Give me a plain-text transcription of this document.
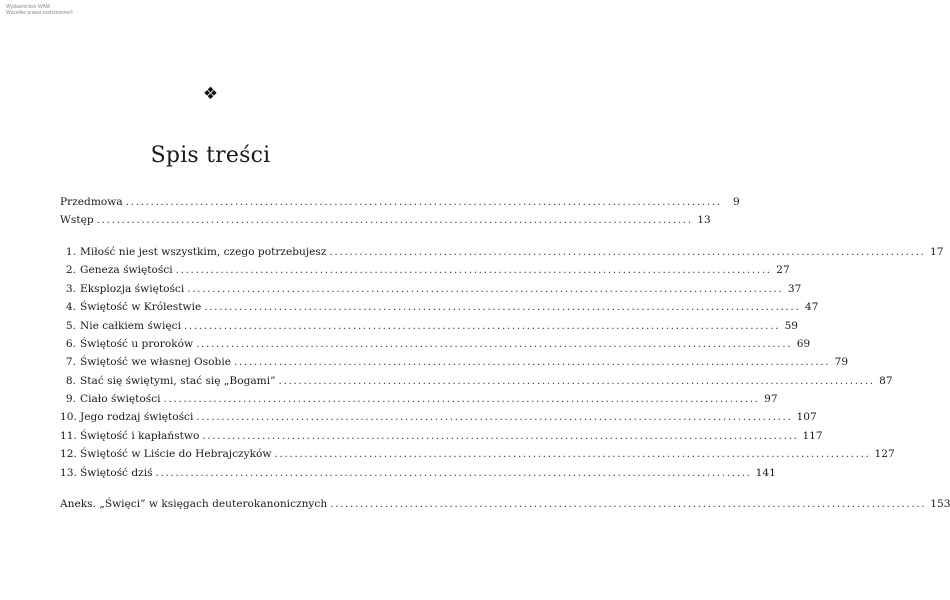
Wydawnictwo WAM
Wszelkie prawa zastrzeżone©
❖
Spis treści
Przedmowa ........................................................................................................................	9
Wstęp ........................................................................................................................ 13
1. Miłość nie jest wszystkim, czego potrzebujesz ........................................................................................................................ 17
2. Geneza świętości ........................................................................................................................ 27
3. Eksplozja świętości ........................................................................................................................ 37
4. Świętość w Królestwie ........................................................................................................................ 47
5. Nie całkiem święci ........................................................................................................................ 59
6. Świętość u proroków ........................................................................................................................ 69
7. Świętość we własnej Osobie ........................................................................................................................ 79
8. Stać się świętymi, stać się „Bogami” ........................................................................................................................ 87
9. Ciało świętości ........................................................................................................................ 97
10. Jego rodzaj świętości ........................................................................................................................ 107
11. Świętość i kapłaństwo ........................................................................................................................ 117
12. Świętość w Liście do Hebrajczyków ........................................................................................................................ 127
13. Świętość dziś ........................................................................................................................ 141
Aneks. „Święci” w księgach deuterokanonicznych ........................................................................................................................ 153
